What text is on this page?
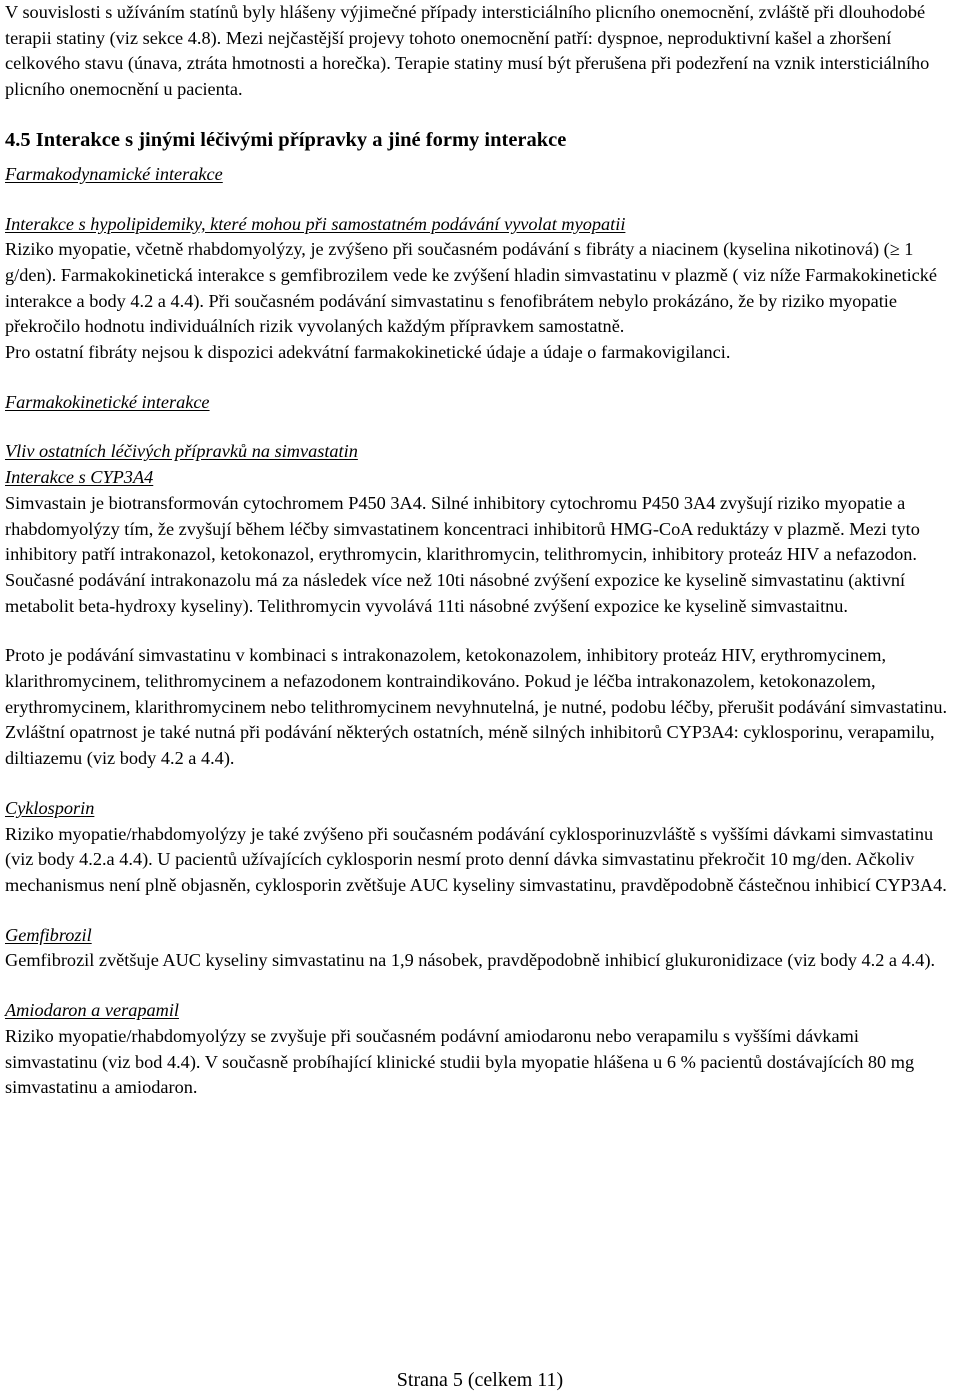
V souvislosti s užíváním statínů byly hlášeny výjimečné případy intersticiálního plicního onemocnění, zvláště při dlouhodobé terapii statiny (viz sekce 4.8). Mezi nejčastější projevy tohoto onemocnění patří: dyspnoe, neproduktivní kašel a zhoršení celkového stavu (únava, ztráta hmotnosti a horečka). Terapie statiny musí být přerušena při podezření na vznik intersticiálního plicního onemocnění u pacienta.

4.5 Interakce s jinými léčivými přípravky a jiné formy interakce

Farmakodynamické interakce

Interakce s hypolipidemiky, které mohou při samostatném podávání vyvolat myopatii

Riziko myopatie, včetně rhabdomyolýzy, je zvýšeno při současném podávání s fibráty a niacinem (kyselina nikotinová) (≥ 1 g/den). Farmakokinetická interakce s gemfibrozilem vede ke zvýšení hladin simvastatinu v plazmě ( viz níže Farmakokinetické interakce a body 4.2 a 4.4). Při současném podávání simvastatinu s fenofibrátem nebylo prokázáno, že by riziko myopatie překročilo hodnotu individuálních rizik vyvolaných každým přípravkem samostatně.

Pro ostatní fibráty nejsou k dispozici adekvátní farmakokinetické údaje a údaje o farmakovigilanci.

Farmakokinetické interakce

Vliv ostatních léčivých přípravků na simvastatin

Interakce s CYP3A4

Simvastain je biotransformován cytochromem P450 3A4. Silné inhibitory cytochromu P450 3A4 zvyšují riziko myopatie a rhabdomyolýzy tím, že zvyšují během léčby simvastatinem koncentraci inhibitorů HMG-CoA reduktázy v plazmě. Mezi tyto inhibitory patří intrakonazol, ketokonazol, erythromycin, klarithromycin, telithromycin, inhibitory proteáz HIV a nefazodon. Současné podávání intrakonazolu má za následek více než 10ti násobné zvýšení expozice ke kyselině simvastatinu (aktivní metabolit beta-hydroxy kyseliny). Telithromycin vyvolává 11ti násobné zvýšení expozice ke kyselině simvastaitnu.

Proto je podávání simvastatinu v kombinaci s intrakonazolem, ketokonazolem, inhibitory proteáz HIV, erythromycinem, klarithromycinem, telithromycinem a nefazodonem kontraindikováno. Pokud je léčba intrakonazolem, ketokonazolem, erythromycinem, klarithromycinem nebo telithromycinem nevyhnutelná, je nutné, podobu léčby, přerušit podávání simvastatinu. Zvláštní opatrnost je také nutná při podávání některých ostatních, méně silných inhibitorů CYP3A4: cyklosporinu, verapamilu, diltiazemu (viz body 4.2 a 4.4).

Cyklosporin

Riziko myopatie/rhabdomyolýzy je také zvýšeno při současném podávání cyklosporinuzvláště s vyššími dávkami simvastatinu (viz body 4.2.a 4.4). U pacientů užívajících cyklosporin nesmí proto denní dávka simvastatinu překročit 10 mg/den. Ačkoliv mechanismus není plně objasněn, cyklosporin zvětšuje AUC kyseliny simvastatinu, pravděpodobně částečnou inhibicí CYP3A4.

Gemfibrozil

Gemfibrozil zvětšuje AUC kyseliny simvastatinu na 1,9 násobek, pravděpodobně inhibicí glukuronidizace (viz body 4.2 a 4.4).

Amiodaron a verapamil

Riziko myopatie/rhabdomyolýzy se zvyšuje při současném podávní amiodaronu nebo verapamilu s vyššími dávkami simvastatinu (viz bod 4.4). V současně probíhající klinické studii byla myopatie hlášena u 6 % pacientů dostávajících 80 mg simvastatinu a amiodaron.

Strana 5 (celkem 11)
